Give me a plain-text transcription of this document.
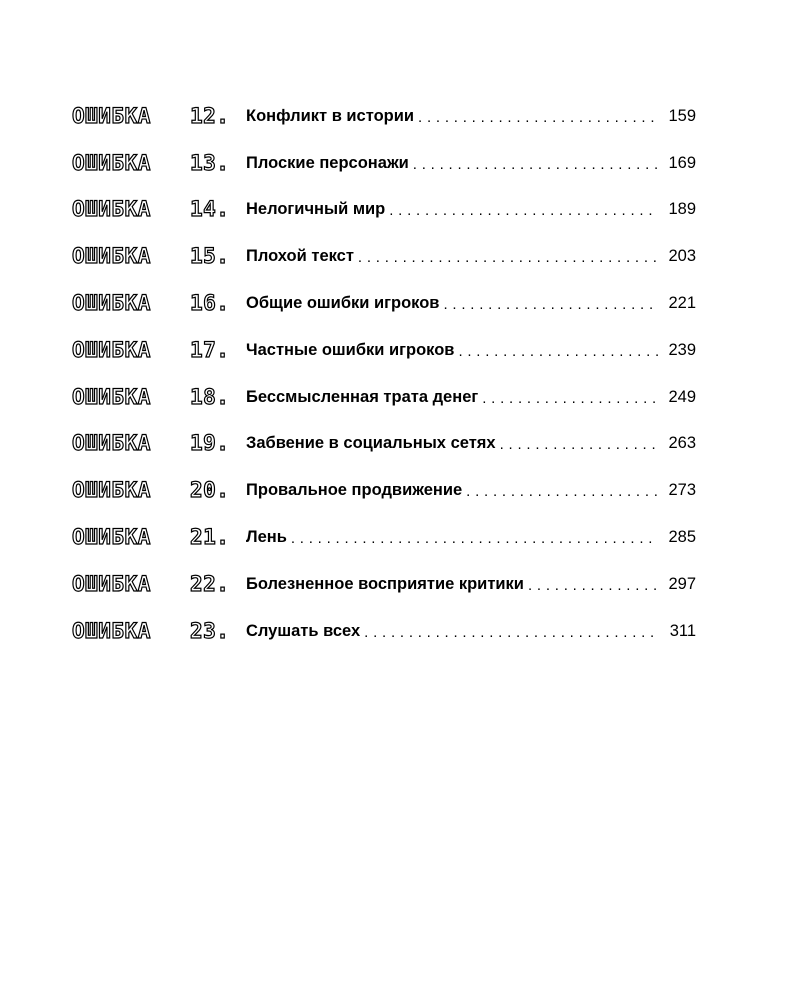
ОШИБКА	12. Конфликт в истории . . .	159
ОШИБКА	13. Плоские персонажи . . .	169
ОШИБКА	14. Нелогичный мир . . .	189
ОШИБКА	15. Плохой текст . . .	203
ОШИБКА	16. Общие ошибки игроков . . .	221
ОШИБКА	17. Частные ошибки игроков . . .	239
ОШИБКА	18. Бессмысленная трата денег . . .	249
ОШИБКА	19. Забвение в социальных сетях . . .	263
ОШИБКА	20. Провальное продвижение . . .	273
ОШИБКА	21. Лень . . .	285
ОШИБКА	22. Болезненное восприятие критики . . .	297
ОШИБКА	23. Слушать всех . . .	311
